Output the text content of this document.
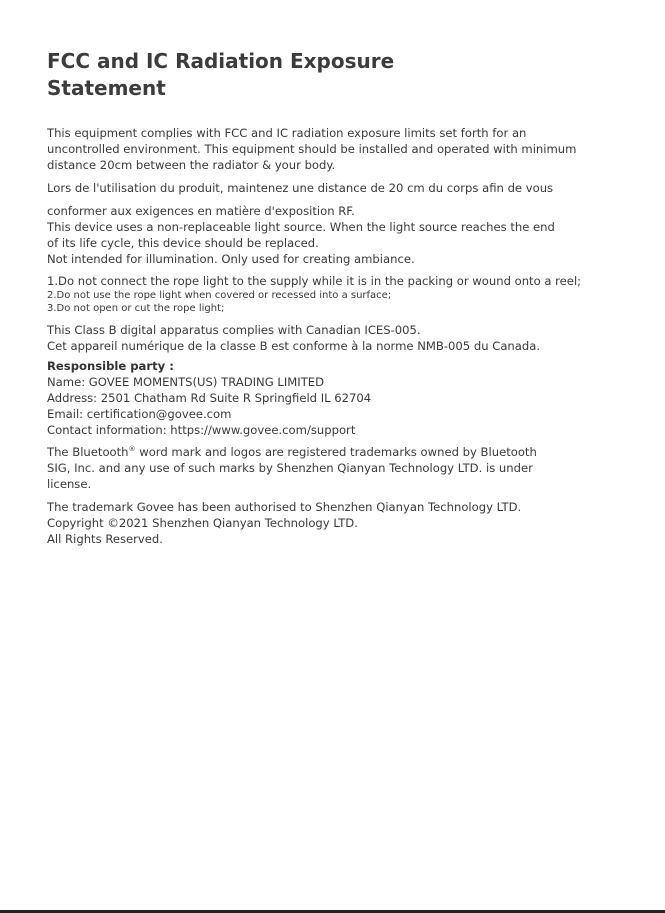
FCC and IC Radiation Exposure
Statement
This equipment complies with FCC and IC radiation exposure limits set forth for an
uncontrolled environment. This equipment should be installed and operated with minimum
distance 20cm between the radiator & your body.
Lors de l'utilisation du produit, maintenez une distance de 20 cm du corps afin de vous
conformer aux exigences en matière d'exposition RF.
This device uses a non-replaceable light source. When the light source reaches the end
of its life cycle, this device should be replaced.
Not intended for illumination. Only used for creating ambiance.
1.Do not connect the rope light to the supply while it is in the packing or wound onto a reel;
2.Do not use the rope light when covered or recessed into a surface;
3.Do not open or cut the rope light;
This Class B digital apparatus complies with Canadian ICES-005.
Cet appareil numérique de la classe B est conforme à la norme NMB-005 du Canada.
Responsible party :
Name: GOVEE MOMENTS(US) TRADING LIMITED
Address: 2501 Chatham Rd Suite R Springfield IL 62704
Email: certification@govee.com
Contact information: https://www.govee.com/support
The Bluetooth® word mark and logos are registered trademarks owned by Bluetooth
SIG, Inc. and any use of such marks by Shenzhen Qianyan Technology LTD. is under
license.
The trademark Govee has been authorised to Shenzhen Qianyan Technology LTD.
Copyright ©2021 Shenzhen Qianyan Technology LTD.
All Rights Reserved.
